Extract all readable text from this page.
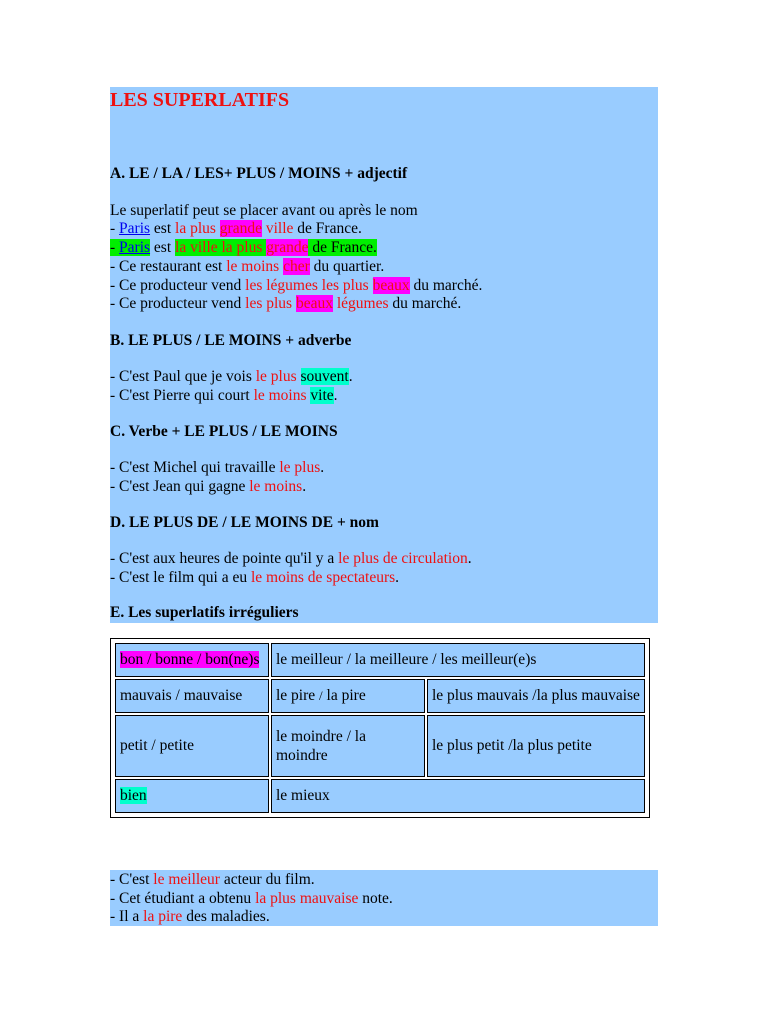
LES SUPERLATIFS
A. LE / LA / LES+ PLUS / MOINS + adjectif
Le superlatif peut se placer avant ou après le nom
- Paris est la plus grande ville de France.
- Paris est la ville la plus grande de France.
- Ce restaurant est le moins cher du quartier.
- Ce producteur vend les légumes les plus beaux du marché.
- Ce producteur vend les plus beaux légumes du marché.
B. LE PLUS / LE MOINS + adverbe
- C'est Paul que je vois le plus souvent.
- C'est Pierre qui court le moins vite.
C. Verbe + LE PLUS / LE MOINS
- C'est Michel qui travaille le plus.
- C'est Jean qui gagne le moins.
D. LE PLUS DE / LE MOINS DE + nom
- C'est aux heures de pointe qu'il y a le plus de circulation.
- C'est le film qui a eu le moins de spectateurs.
E. Les superlatifs irréguliers
bon / bonne / bon(ne)s	le meilleur / la meilleure / les meilleur(e)s	
mauvais / mauvaise	le pire / la pire	le plus mauvais /la plus mauvaise
petit / petite	le moindre / la moindre	le plus petit /la plus petite
bien	le mieux	
- C'est le meilleur acteur du film.
- Cet étudiant a obtenu la plus mauvaise note.
- Il a la pire des maladies.
